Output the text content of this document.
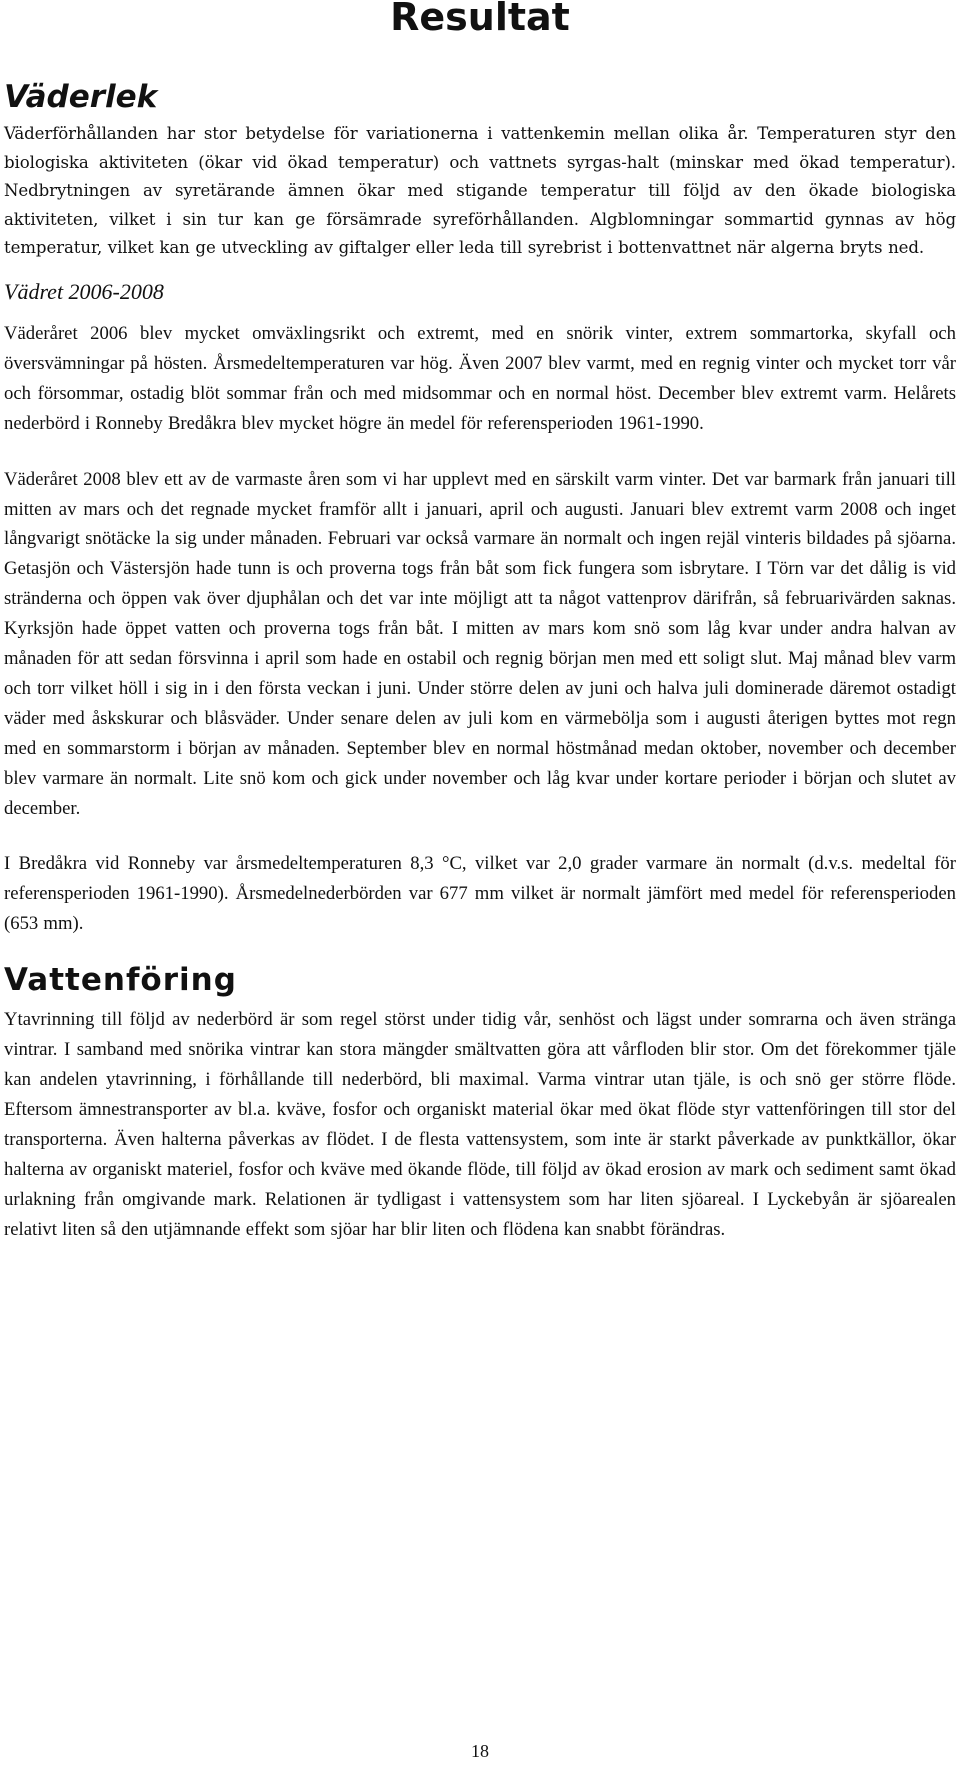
Resultat
Väderlek

Väderförhållanden har stor betydelse för variationerna i vattenkemin mellan olika år. Temperaturen styr den biologiska aktiviteten (ökar vid ökad temperatur) och vattnets syrgas-halt (minskar med ökad temperatur). Nedbrytningen av syretärande ämnen ökar med stigande temperatur till följd av den ökade biologiska aktiviteten, vilket i sin tur kan ge försämrade syreförhållanden. Algblomningar sommartid gynnas av hög temperatur, vilket kan ge utveckling av giftalger eller leda till syrebrist i bottenvattnet när algerna bryts ned.

Vädret 2006-2008

Väderåret 2006 blev mycket omväxlingsrikt och extremt, med en snörik vinter, extrem sommartorka, skyfall och översvämningar på hösten. Årsmedeltemperaturen var hög. Även 2007 blev varmt, med en regnig vinter och mycket torr vår och försommar, ostadig blöt sommar från och med midsommar och en normal höst. December blev extremt varm. Helårets nederbörd i Ronneby Bredåkra blev mycket högre än medel för referensperioden 1961-1990.

Väderåret 2008 blev ett av de varmaste åren som vi har upplevt med en särskilt varm vinter. Det var barmark från januari till mitten av mars och det regnade mycket framför allt i januari, april och augusti. Januari blev extremt varm 2008 och inget långvarigt snötäcke la sig under månaden. Februari var också varmare än normalt och ingen rejäl vinteris bildades på sjöarna. Getasjön och Västersjön hade tunn is och proverna togs från båt som fick fungera som isbrytare. I Törn var det dålig is vid stränderna och öppen vak över djuphålan och det var inte möjligt att ta något vattenprov därifrån, så februarivärden saknas. Kyrksjön hade öppet vatten och proverna togs från båt. I mitten av mars kom snö som låg kvar under andra halvan av månaden för att sedan försvinna i april som hade en ostabil och regnig början men med ett soligt slut. Maj månad blev varm och torr vilket höll i sig in i den första veckan i juni. Under större delen av juni och halva juli dominerade däremot ostadigt väder med åskskurar och blåsväder. Under senare delen av juli kom en värmebölja som i augusti återigen byttes mot regn med en sommarstorm i början av månaden. September blev en normal höstmånad medan oktober, november och december blev varmare än normalt. Lite snö kom och gick under november och låg kvar under kortare perioder i början och slutet av december.

I Bredåkra vid Ronneby var årsmedeltemperaturen 8,3 °C, vilket var 2,0 grader varmare än normalt (d.v.s. medeltal för referensperioden 1961-1990). Årsmedelnederbörden var 677 mm vilket är normalt jämfört med medel för referensperioden (653 mm).

Vattenföring

Ytavrinning till följd av nederbörd är som regel störst under tidig vår, senhöst och lägst under somrarna och även stränga vintrar. I samband med snörika vintrar kan stora mängder smältvatten göra att vårfloden blir stor. Om det förekommer tjäle kan andelen ytavrinning, i förhållande till nederbörd, bli maximal. Varma vintrar utan tjäle, is och snö ger större flöde. Eftersom ämnestransporter av bl.a. kväve, fosfor och organiskt material ökar med ökat flöde styr vattenföringen till stor del transporterna. Även halterna påverkas av flödet. I de flesta vattensystem, som inte är starkt påverkade av punktkällor, ökar halterna av organiskt materiel, fosfor och kväve med ökande flöde, till följd av ökad erosion av mark och sediment samt ökad urlakning från omgivande mark. Relationen är tydligast i vattensystem som har liten sjöareal. I Lyckebyån är sjöarealen relativt liten så den utjämnande effekt som sjöar har blir liten och flödena kan snabbt förändras.

18
